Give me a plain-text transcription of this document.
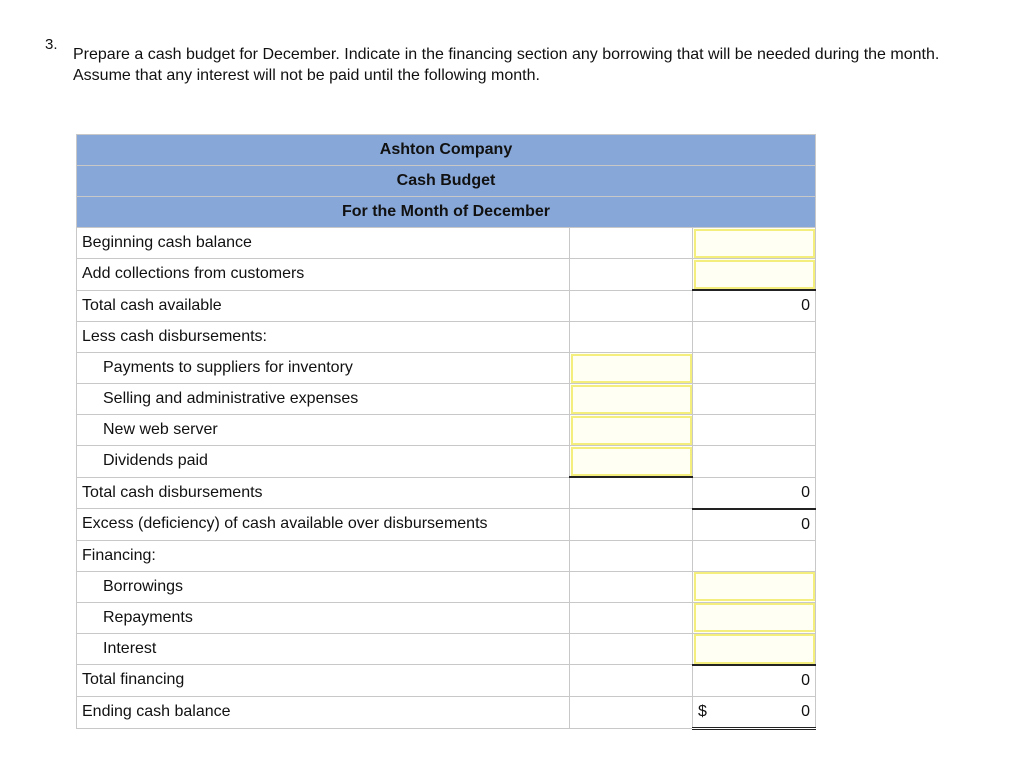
3.
Prepare a cash budget for December. Indicate in the financing section any borrowing that will be needed during the month. Assume that any interest will not be paid until the following month.
Ashton Company		
Cash Budget		
For the Month of December		
Beginning cash balance		
Add collections from customers		
Total cash available		0
Less cash disbursements:		
Payments to suppliers for inventory		
Selling and administrative expenses		
New web server		
Dividends paid		
Total cash disbursements		0
Excess (deficiency) of cash available over disbursements		0
Financing:		
Borrowings		
Repayments		
Interest		
Total financing		0
Ending cash balance		$ 0
